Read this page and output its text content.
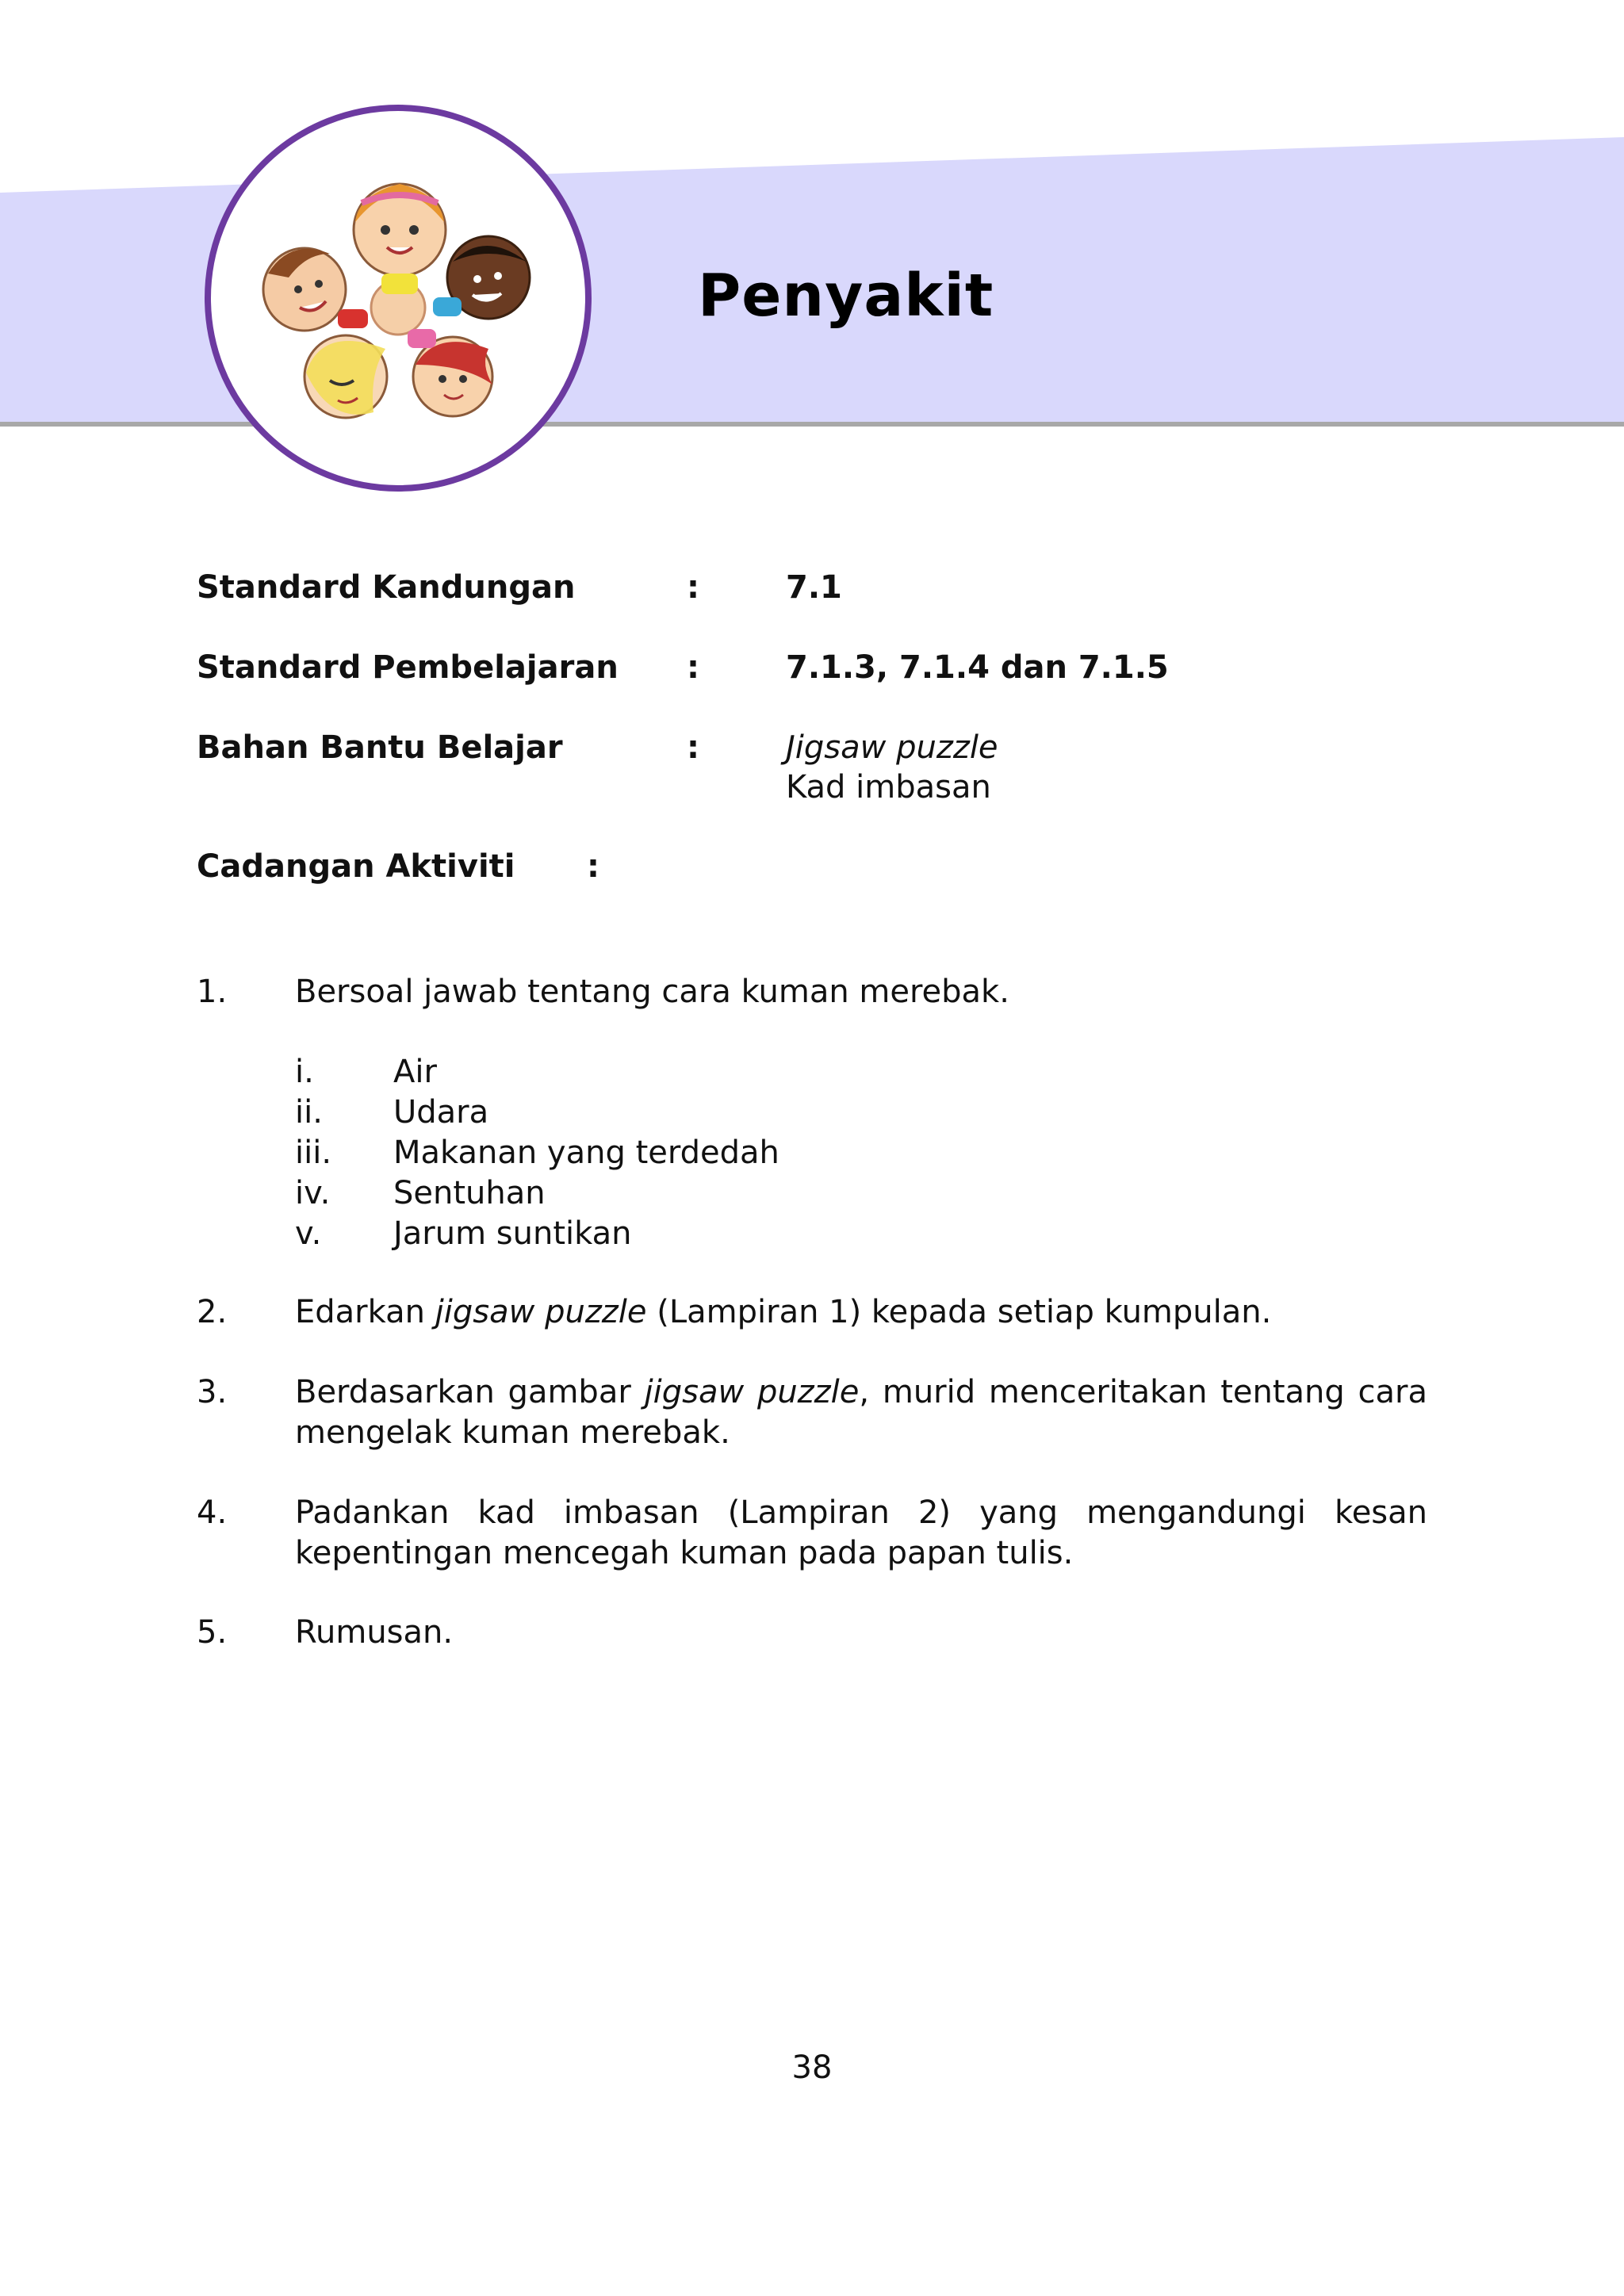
Penyakit
Standard Kandungan	:	7.1
Standard Pembelajaran :	7.1.3, 7.1.4 dan 7.1.5
Bahan Bantu Belajar	:	Jigsaw puzzle
Kad imbasan
Cadangan Aktiviti :
1. Bersoal jawab tentang cara kuman merebak.
i.	Air
ii. Udara
iii. Makanan yang terdedah
iv. Sentuhan
v. Jarum suntikan
2. Edarkan jigsaw puzzle (Lampiran 1) kepada setiap kumpulan.
3. Berdasarkan gambar jigsaw puzzle, murid menceritakan tentang cara mengelak kuman merebak.
4. Padankan kad imbasan (Lampiran 2) yang mengandungi kesan kepentingan mencegah kuman pada papan tulis.
5. Rumusan.
38
